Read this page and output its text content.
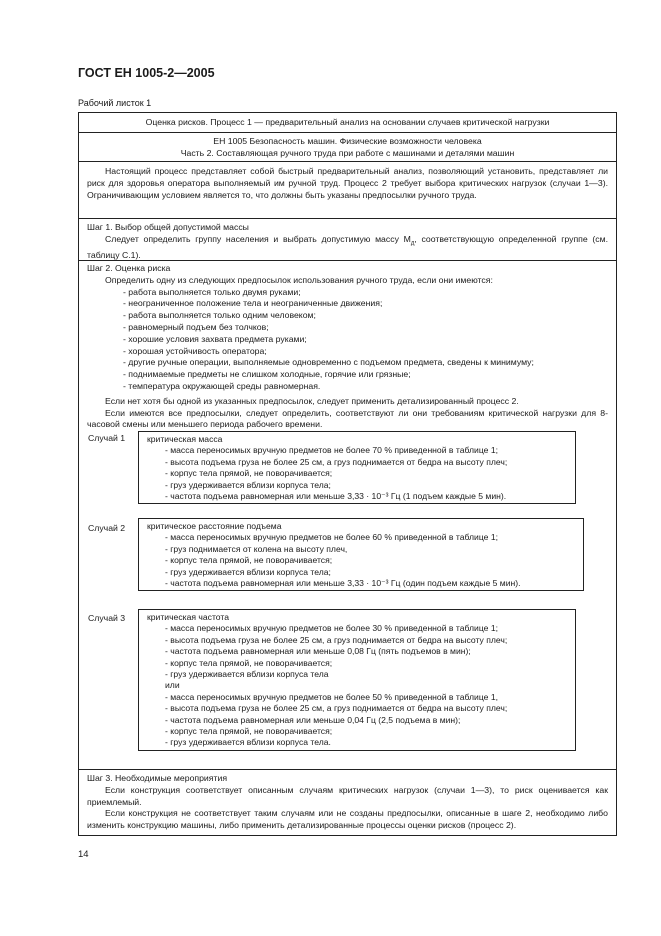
ГОСТ ЕН 1005-2—2005
Рабочий листок 1
Оценка рисков. Процесс 1 — предварительный анализ на основании случаев критической нагрузки
ЕН 1005 Безопасность машин. Физические возможности человека
Часть 2. Составляющая ручного труда при работе с машинами и деталями машин

Настоящий процесс представляет собой быстрый предварительный анализ, позволяющий установить, представляет ли риск для здоровья оператора выполняемый им ручной труд. Процесс 2 требует выбора критических нагрузок (случаи 1—3). Ограничивающим условием является то, что должны быть указаны предпосылки ручного труда.

Шаг 1. Выбор общей допустимой массы

Следует определить группу населения и выбрать допустимую массу $M_д$, соответствующую определенной группе (см. таблицу С.1).

Шаг 2. Оценка риска
Определить одну из следующих предпосылок использования ручного труда, если они имеются:
- работа выполняется только двумя руками;
- неограниченное положение тела и неограниченные движения;
- работа выполняется только одним человеком;
- равномерный подъем без толчков;
- хорошие условия захвата предмета руками;
- хорошая устойчивость оператора;
- другие ручные операции, выполняемые одновременно с подъемом предмета, сведены к минимуму;
- поднимаемые предметы не слишком холодные, горячие или грязные;
- температура окружающей среды равномерная.

Если нет хотя бы одной из указанных предпосылок, следует применить детализированный процесс 2.

Если имеются все предпосылки, следует определить, соответствуют ли они требованиям критической нагрузки для 8-часовой смены или меньшего периода рабочего времени.

Шаг 3. Необходимые мероприятия

Если конструкция соответствует описанным случаям критических нагрузок (случаи 1—3), то риск оценивается как приемлемый.

Если конструкция не соответствует таким случаям или не созданы предпосылки, описанные в шаге 2, необходимо либо изменить конструкцию машины, либо применить детализированные процессы оценки рисков (процесс 2).

Случай 1	критическая масса
- масса переносимых вручную предметов не более 70 % приведенной в таблице 1;
- высота подъема груза не более 25 см, а груз поднимается от бедра на высоту плеч;
- корпус тела прямой, не поворачивается;
- груз удерживается вблизи корпуса тела;
- частота подъема равномерная или меньше 3,33 · 10⁻³ Гц (1 подъем каждые 5 мин).
Случай 2	критическое расстояние подъема
- масса переносимых вручную предметов не более 60 % приведенной в таблице 1;
- груз поднимается от колена на высоту плеч,
- корпус тела прямой, не поворачивается;
- груз удерживается вблизи корпуса тела;
- частота подъема равномерная или меньше 3,33 · 10⁻³ Гц (один подъем каждые 5 мин).
Случай 3	критическая частота
- масса переносимых вручную предметов не более 30 % приведенной в таблице 1;
- высота подъема груза не более 25 см, а груз поднимается от бедра на высоту плеч;
- частота подъема равномерная или меньше 0,08 Гц (пять подъемов в мин);
- корпус тела прямой, не поворачивается;
- груз удерживается вблизи корпуса тела
или
- масса переносимых вручную предметов не более 50 % приведенной в таблице 1,
- высота подъема груза не более 25 см, а груз поднимается от бедра на высоту плеч;
- частота подъема равномерная или меньше 0,04 Гц (2,5 подъема в мин);
- корпус тела прямой, не поворачивается;
- груз удерживается вблизи корпуса тела.
14
